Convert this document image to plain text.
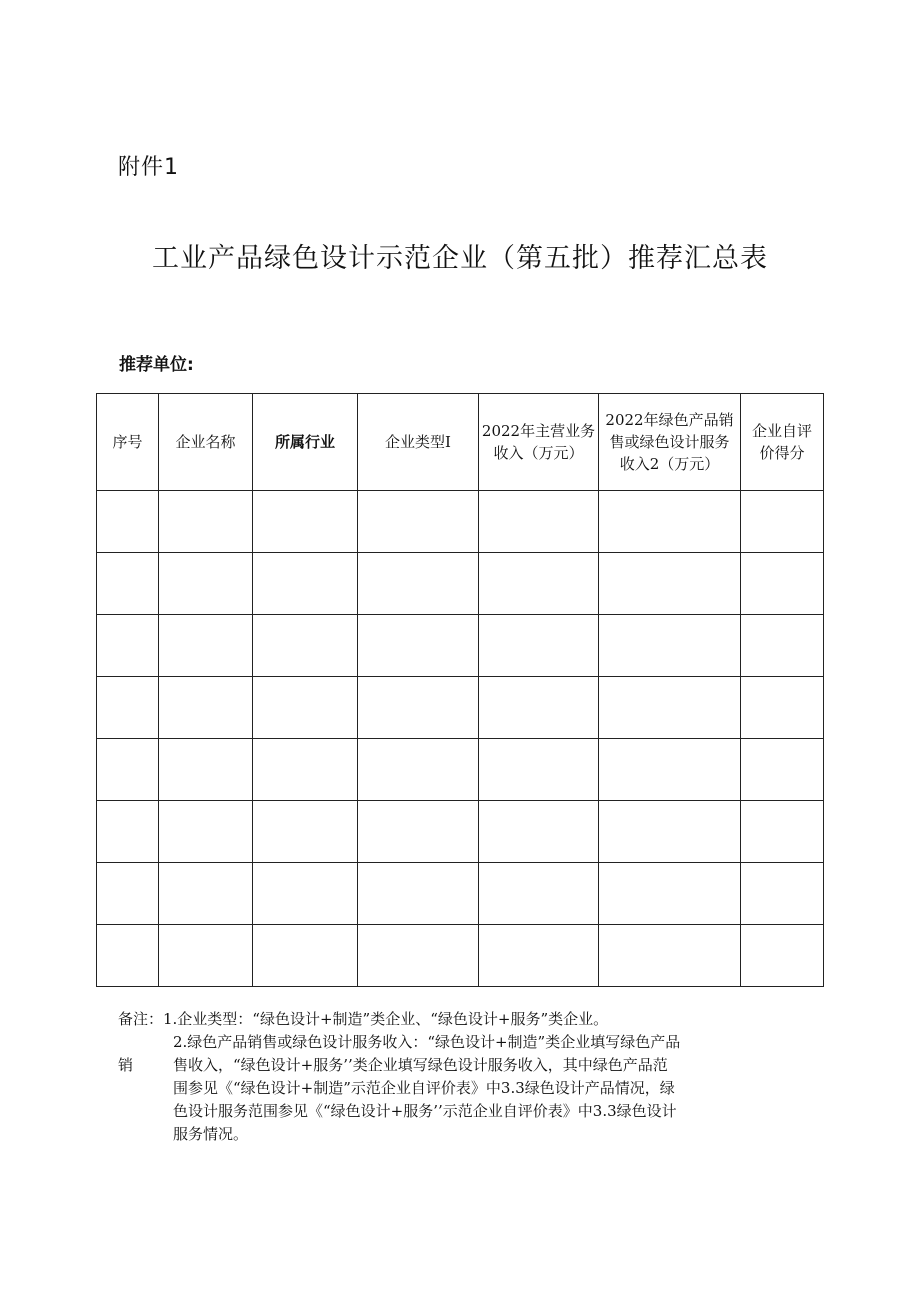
附件1
工业产品绿色设计示范企业（第五批）推荐汇总表
推荐单位:
序号	企业名称	所属行业	企业类型I	2022年主营业务收入（万元）	2022年绿色产品销售或绿色设计服务收入2（万元）	企业自评价得分

备注：1.企业类型：“绿色设计+制造”类企业、“绿色设计+服务”类企业。
2.绿色产品销售或绿色设计服务收入：“绿色设计+制造”类企业填写绿色产品
销	售收入，“绿色设计+服务’’类企业填写绿色设计服务收入，其中绿色产品范
围参见《“绿色设计+制造”示范企业自评价表》中3.3绿色设计产品情况，绿
色设计服务范围参见《“绿色设计+服务’’示范企业自评价表》中3.3绿色设计
服务情况。
